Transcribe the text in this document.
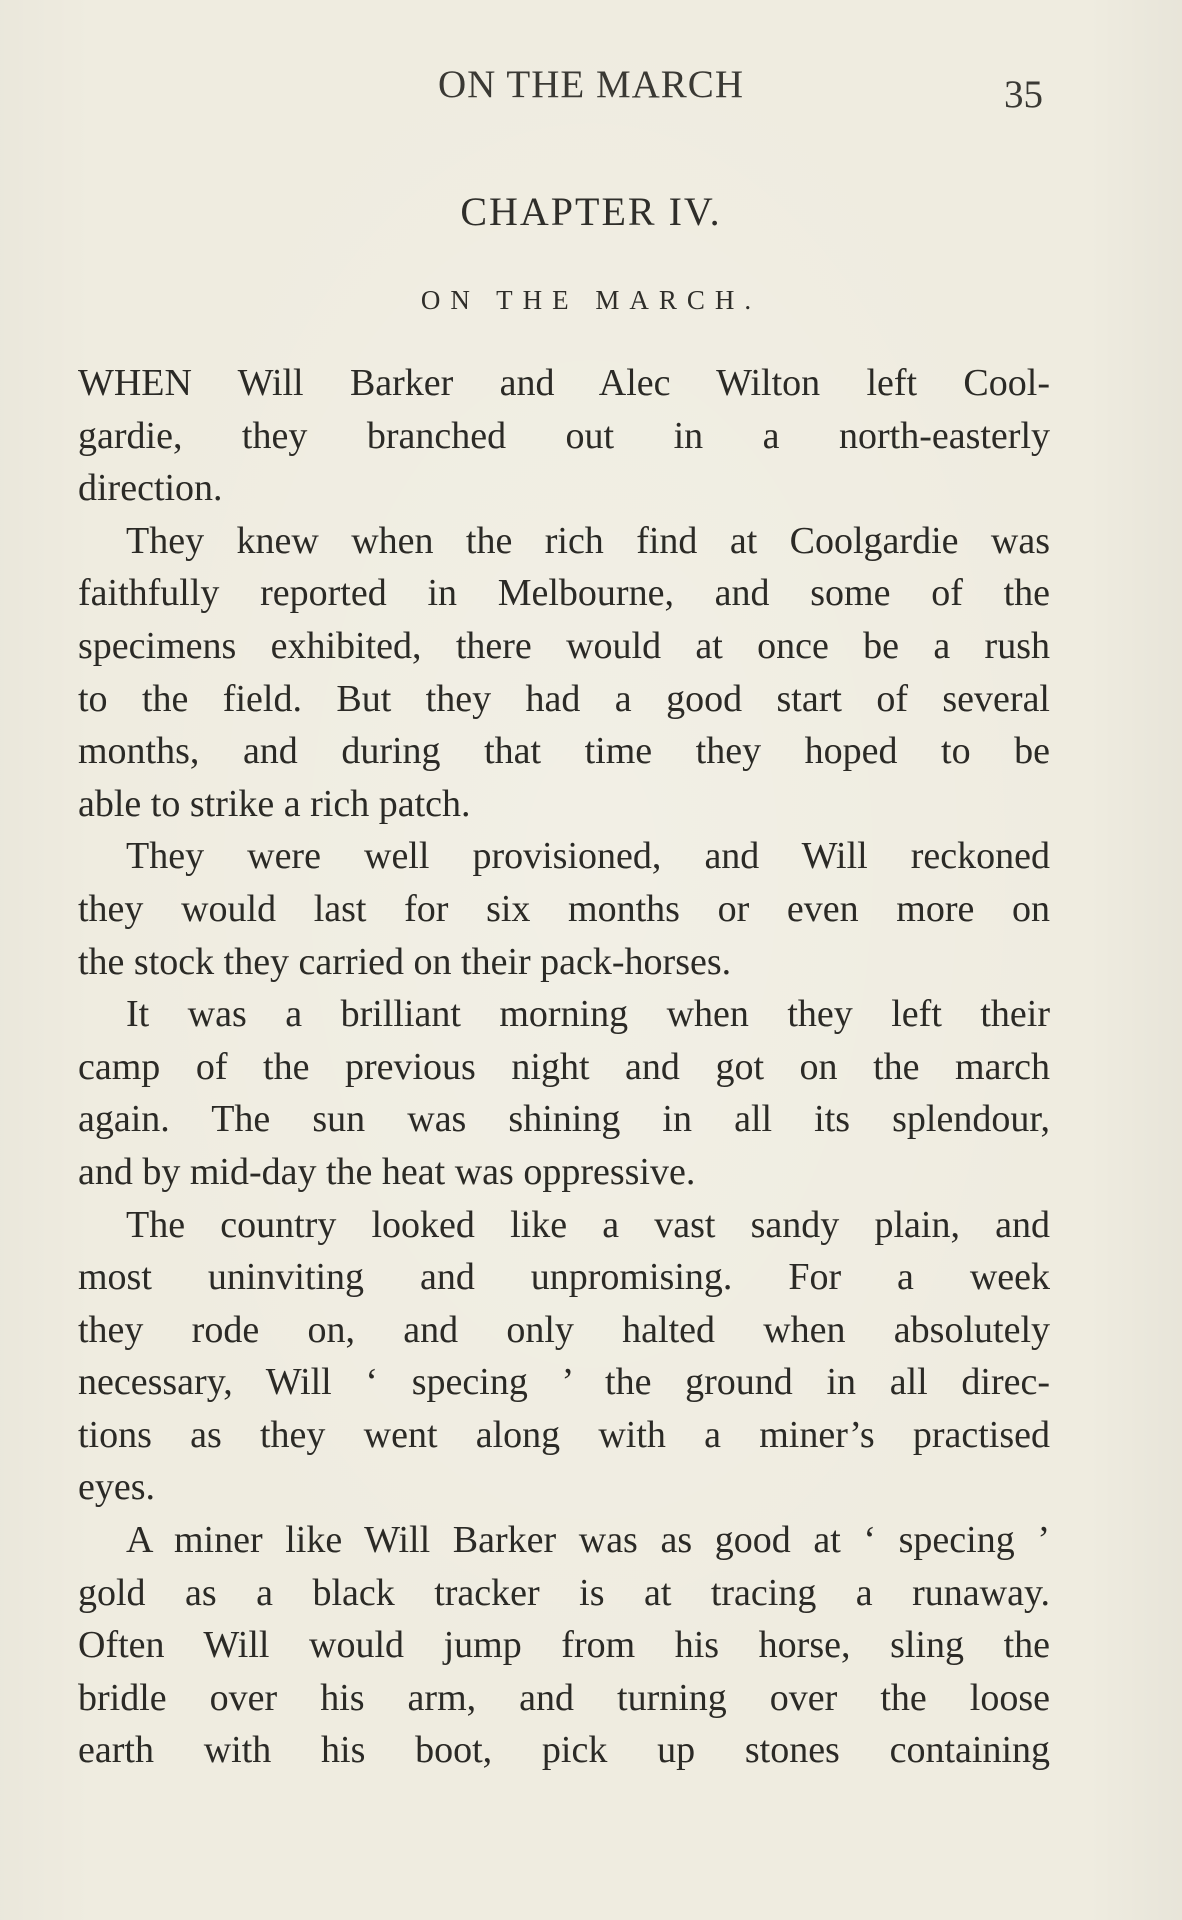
ON THE MARCH	35
CHAPTER IV.
ON THE MARCH.
WHEN Will Barker and Alec Wilton left Cool-
gardie, they branched out in a north-easterly
direction.
They knew when the rich find at Coolgardie was
faithfully reported in Melbourne, and some of the
specimens exhibited, there would at once be a rush
to the field. But they had a good start of several
months, and during that time they hoped to be
able to strike a rich patch.
They were well provisioned, and Will reckoned
they would last for six months or even more on
the stock they carried on their pack-horses.
It was a brilliant morning when they left their
camp of the previous night and got on the march
again. The sun was shining in all its splendour,
and by mid-day the heat was oppressive.
The country looked like a vast sandy plain, and
most uninviting and unpromising. For a week
they rode on, and only halted when absolutely
necessary, Will ‘ specing ’ the ground in all direc-
tions as they went along with a miner’s practised
eyes.
A miner like Will Barker was as good at ‘ specing ’
gold as a black tracker is at tracing a runaway.
Often Will would jump from his horse, sling the
bridle over his arm, and turning over the loose
earth with his boot, pick up stones containing
